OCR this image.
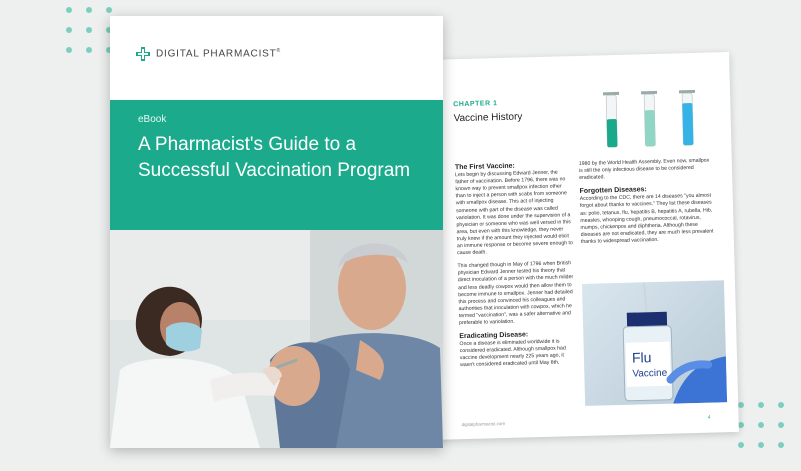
CHAPTER 1
Vaccine History
The First Vaccine:

Lets begin by discussing Edward Jenner, the father of vaccination. Before 1796, there was no known way to prevent smallpox infection other than to inject a person with scabs from someone with smallpox disease. This act of injecting someone with part of the disease was called variolation. It was done under the supervision of a physician or someone who was well versed in this area, but even with this knowledge, they never truly knew if the amount they injected would elicit an immune response or become severe enough to cause death.

This changed though in May of 1796 when British physician Edward Jenner tested his theory that direct inoculation of a person with the much milder and less deadly cowpox would then allow them to become immune to smallpox. Jenner had detailed this process and convinced his colleagues and authorities that inoculation with cowpox, which he termed "vaccination", was a safer alternative and preferable to variolation.

Eradicating Disease:

Once a disease is eliminated worldwide it is considered eradicated. Although smallpox had vaccine development nearly 225 years ago, it wasn't considered eradicated until May 8th,

1980 by the World Health Assembly. Even now, smallpox is still the only infectious disease to be considered eradicated.

Forgotten Diseases:

According to the CDC, there are 14 diseases "you almost forgot about thanks to vaccines." They list these diseases as: polio, tetanus, flu, hepatitis B, hepatitis A, rubella, Hib, measles, whooping cough, pneumococcal, rotavirus, mumps, chickenpox and diphtheria. Although these diseases are not eradicated, they are much less prevalent thanks to widespread vaccination.

Flu
Vaccine
digitalpharmacist.com
4
DIGITAL PHARMACIST®
eBook
A Pharmacist's Guide to a
Successful Vaccination Program
